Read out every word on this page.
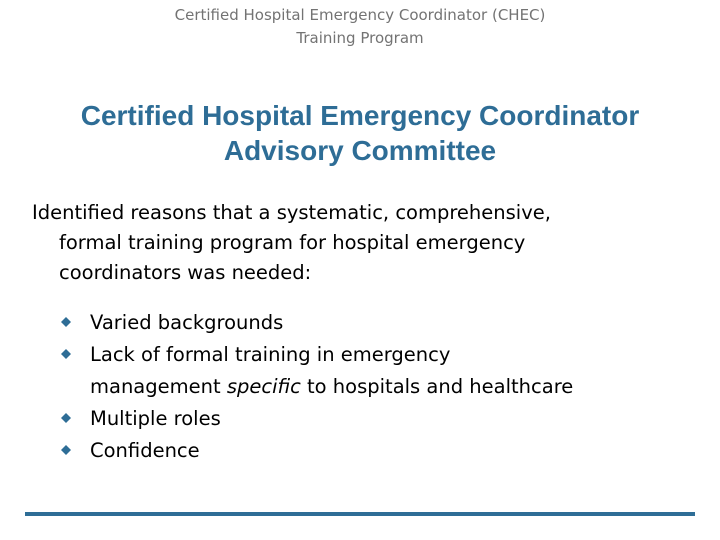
Certified Hospital Emergency Coordinator (CHEC)
Training Program
Certified Hospital Emergency Coordinator
Advisory Committee
Identified reasons that a systematic, comprehensive,
formal training program for hospital emergency
coordinators was needed:
Varied backgrounds
Lack of formal training in emergency
management specific to hospitals and healthcare
Multiple roles
Confidence
